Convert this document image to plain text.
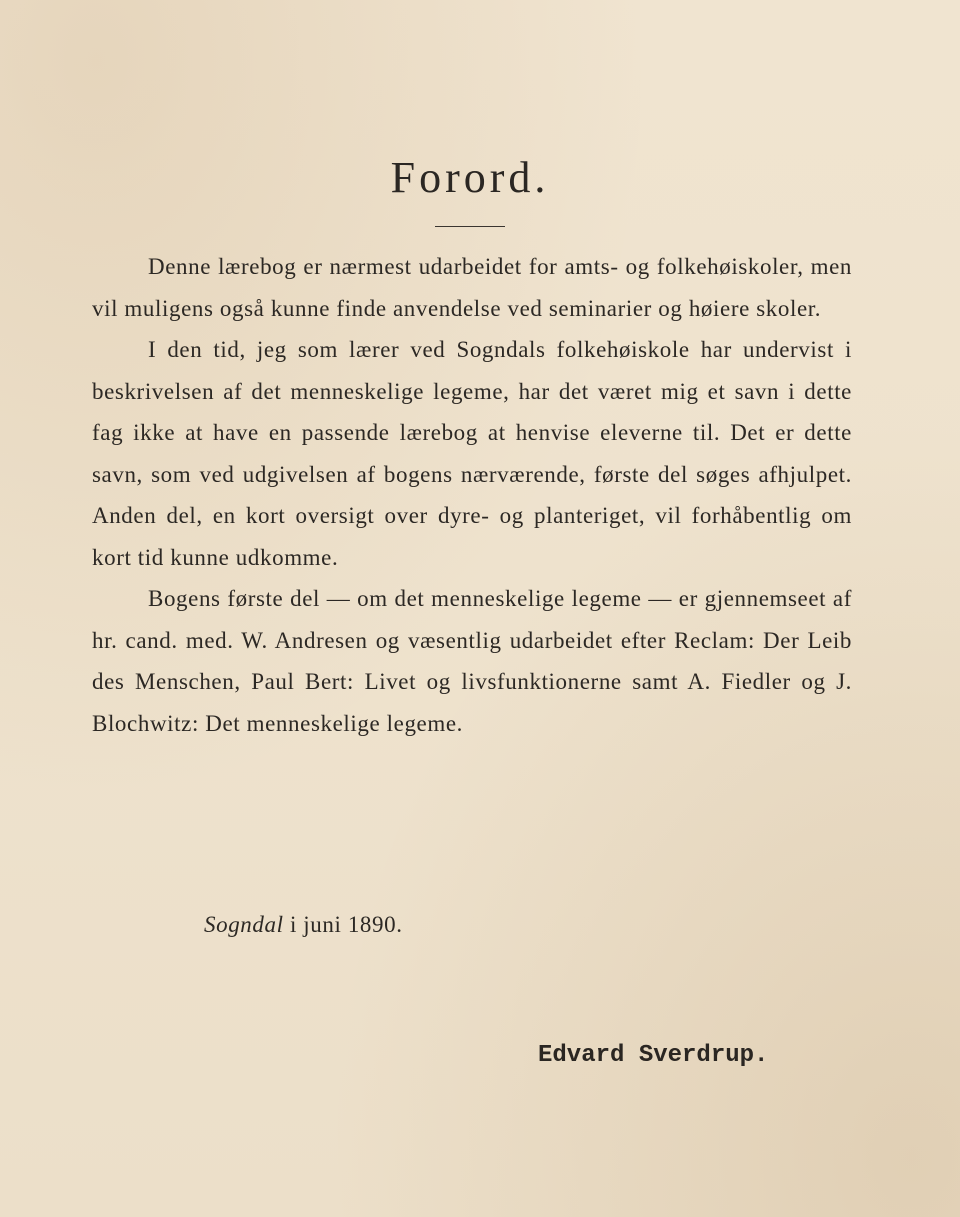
Forord.

Denne lærebog er nærmest udarbeidet for amts- og folkehøiskoler, men vil muligens også kunne finde anvendelse ved seminarier og høiere skoler.

I den tid, jeg som lærer ved Sogndals folkehøiskole har undervist i beskrivelsen af det menneskelige legeme, har det været mig et savn i dette fag ikke at have en passende lærebog at henvise eleverne til. Det er dette savn, som ved udgivelsen af bogens nærværende, første del søges afhjulpet. Anden del, en kort oversigt over dyre- og planteriget, vil forhåbentlig om kort tid kunne udkomme.

Bogens første del — om det menneskelige legeme — er gjennemseet af hr. cand. med. W. Andresen og væsentlig udarbeidet efter Reclam: Der Leib des Menschen, Paul Bert: Livet og livsfunktionerne samt A. Fiedler og J. Blochwitz: Det menneskelige legeme.

Sogndal i juni 1890.
Edvard Sverdrup.
